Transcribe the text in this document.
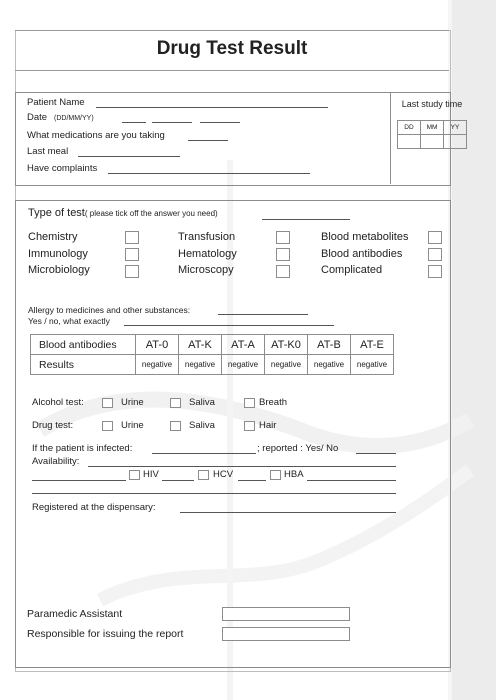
Drug Test Result
Patient Name
Date (DD/MM/YY)
What medications are you taking
Last meal
Have complaints
Last study time
DD	MM	YY

Type of test( please tick off the answer you need)
Chemistry	Transfusion	Blood metabolites
Immunology	Hematology	Blood antibodies
Microbiology	Microscopy	Complicated
Allergy to medicines and other substances:
Yes / no, what exactly
Blood antibodies	AT-0	AT-K	AT-A	AT-K0	AT-B	AT-E
Results	negative	negative	negative	negative	negative	negative
Alcohol test:	Urine	Saliva	Breath
Drug test:	Urine	Saliva	Hair
If the patient is infected:	; reported : Yes/ No
Availability:
HIV	HCV	HBA
Registered at the dispensary:
Paramedic Assistant
Responsible for issuing the report
